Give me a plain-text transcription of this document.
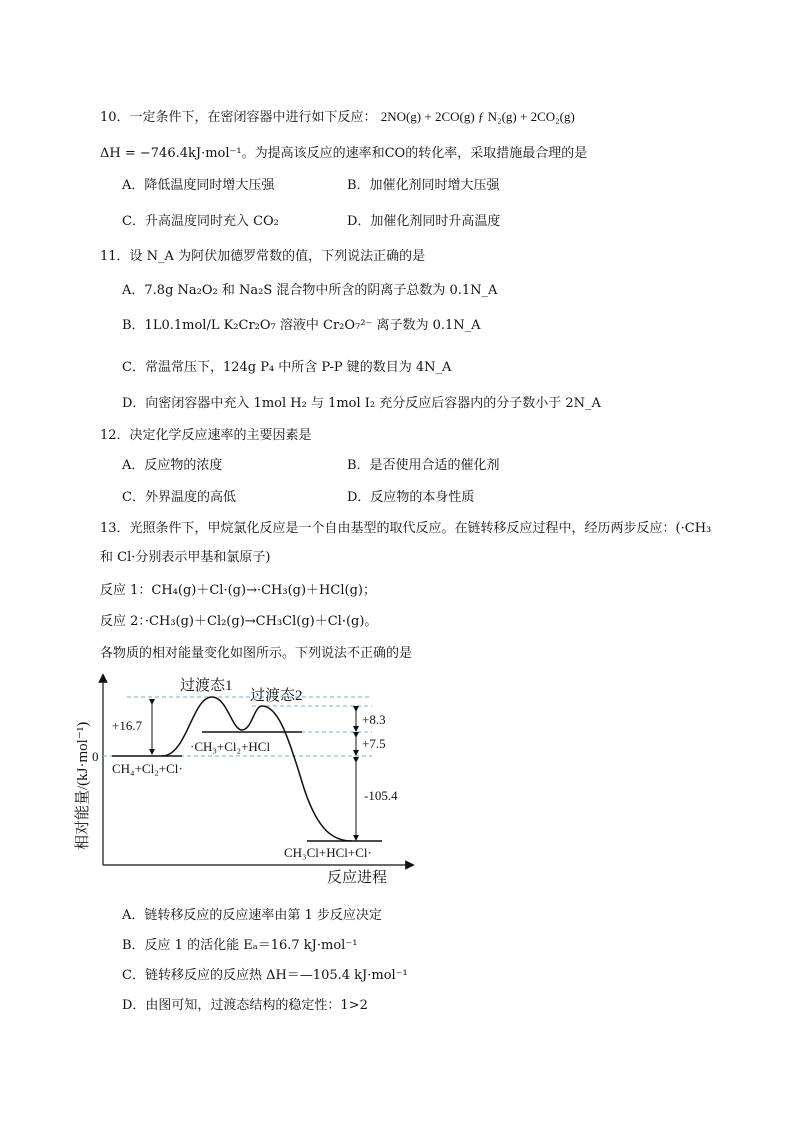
10．一定条件下，在密闭容器中进行如下反应： 2NO(g) + 2CO(g) ƒ N₂(g) + 2CO₂(g)
ΔH = −746.4kJ·mol⁻¹。为提高该反应的速率和CO的转化率，采取措施最合理的是
A．降低温度同时增大压强	B．加催化剂同时增大压强
C．升高温度同时充入 CO₂	D．加催化剂同时升高温度
11．设 N_A 为阿伏加德罗常数的值，下列说法正确的是
A．7.8g Na₂O₂ 和 Na₂S 混合物中所含的阴离子总数为 0.1N_A
B．1L0.1mol/L K₂Cr₂O₇ 溶液中 Cr₂O₇²⁻ 离子数为 0.1N_A
C．常温常压下，124g P₄ 中所含 P-P 键的数目为 4N_A
D．向密闭容器中充入 1mol H₂ 与 1mol I₂ 充分反应后容器内的分子数小于 2N_A
12．决定化学反应速率的主要因素是
A．反应物的浓度	B．是否使用合适的催化剂
C．外界温度的高低	D．反应物的本身性质
13．光照条件下，甲烷氯化反应是一个自由基型的取代反应。在链转移反应过程中，经历两步反应：(·CH₃
和 Cl·分别表示甲基和氯原子)
反应 1：CH₄(g)＋Cl·(g)→·CH₃(g)＋HCl(g)；
反应 2：·CH₃(g)＋Cl₂(g)→CH₃Cl(g)＋Cl·(g)。
各物质的相对能量变化如图所示。下列说法不正确的是
相对能量/(kJ·mol⁻¹)
反应进程
0
+16.7	+8.3
+7.5
-105.4
过渡态1
过渡态2
·CH₃+Cl₂+HCl
CH₄+Cl₂+Cl·
CH₃Cl+HCl+Cl·
A．链转移反应的反应速率由第 1 步反应决定
B．反应 1 的活化能 Eₐ＝16.7 kJ·mol⁻¹
C．链转移反应的反应热 ΔH＝—105.4 kJ·mol⁻¹
D．由图可知，过渡态结构的稳定性：1>2
